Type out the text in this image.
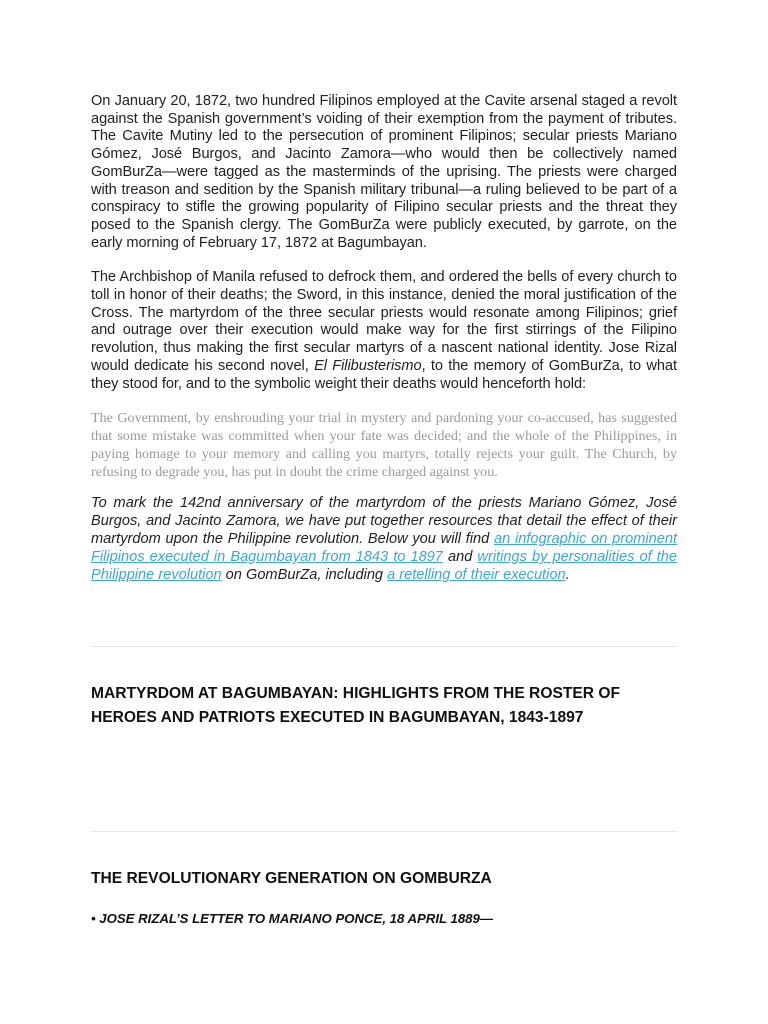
On January 20, 1872, two hundred Filipinos employed at the Cavite arsenal staged a revolt against the Spanish government’s voiding of their exemption from the payment of tributes. The Cavite Mutiny led to the persecution of prominent Filipinos; secular priests Mariano Gómez, José Burgos, and Jacinto Zamora—who would then be collectively named GomBurZa—were tagged as the masterminds of the uprising. The priests were charged with treason and sedition by the Spanish military tribunal—a ruling believed to be part of a conspiracy to stifle the growing popularity of Filipino secular priests and the threat they posed to the Spanish clergy. The GomBurZa were publicly executed, by garrote, on the early morning of February 17, 1872 at Bagumbayan.

The Archbishop of Manila refused to defrock them, and ordered the bells of every church to toll in honor of their deaths; the Sword, in this instance, denied the moral justification of the Cross. The martyrdom of the three secular priests would resonate among Filipinos; grief and outrage over their execution would make way for the first stirrings of the Filipino revolution, thus making the first secular martyrs of a nascent national identity. Jose Rizal would dedicate his second novel, El Filibusterismo, to the memory of GomBurZa, to what they stood for, and to the symbolic weight their deaths would henceforth hold:

The Government, by enshrouding your trial in mystery and pardoning your co-accused, has suggested that some mistake was committed when your fate was decided; and the whole of the Philippines, in paying homage to your memory and calling you martyrs, totally rejects your guilt. The Church, by refusing to degrade you, has put in doubt the crime charged against you.

To mark the 142nd anniversary of the martyrdom of the priests Mariano Gómez, José Burgos, and Jacinto Zamora, we have put together resources that detail the effect of their martyrdom upon the Philippine revolution. Below you will find an infographic on prominent Filipinos executed in Bagumbayan from 1843 to 1897 and writings by personalities of the Philippine revolution on GomBurZa, including a retelling of their execution.

MARTYRDOM AT BAGUMBAYAN: HIGHLIGHTS FROM THE ROSTER OF HEROES AND PATRIOTS EXECUTED IN BAGUMBAYAN, 1843-1897
THE REVOLUTIONARY GENERATION ON GOMBURZA
• JOSE RIZAL’S LETTER TO MARIANO PONCE, 18 APRIL 1889—
